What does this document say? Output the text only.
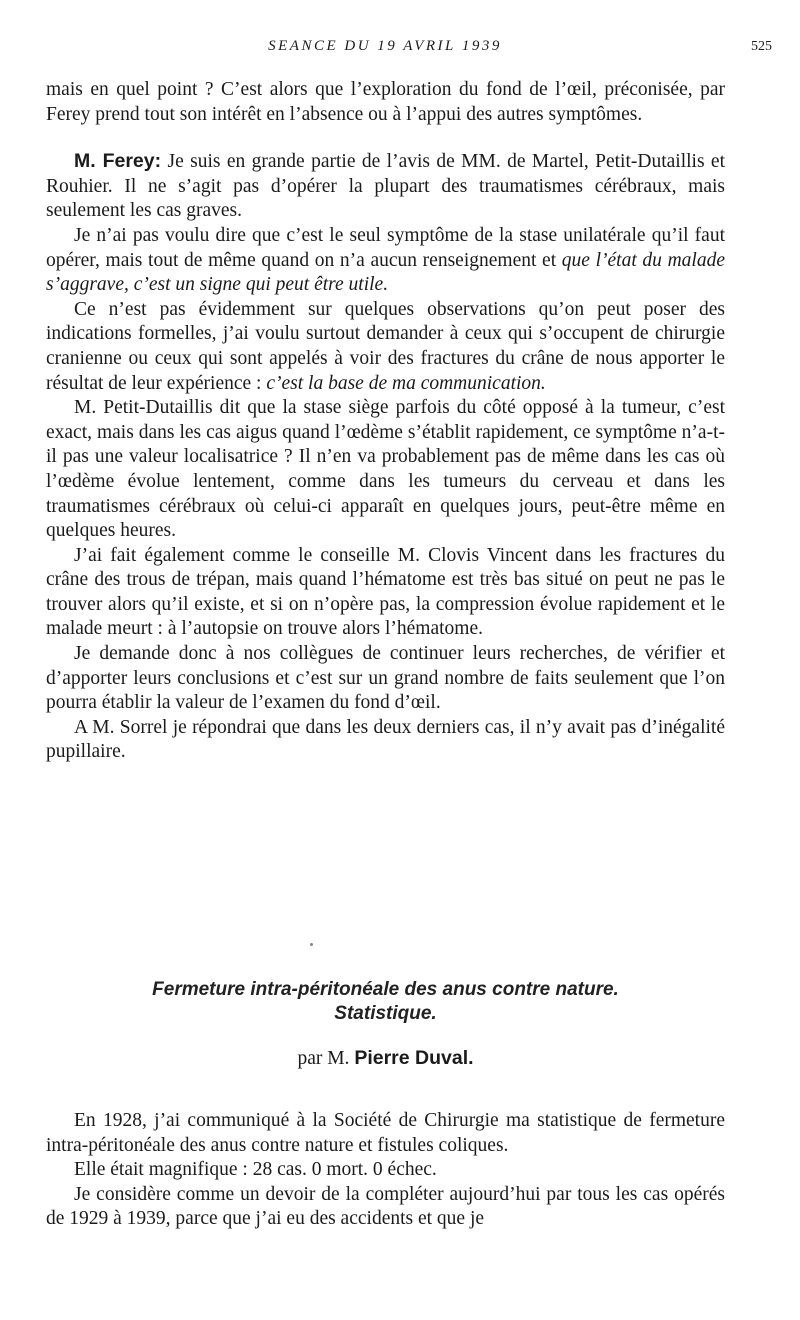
SEANCE DU 19 AVRIL 1939	525

mais en quel point ? C’est alors que l’exploration du fond de l’œil, préconisée, par Ferey prend tout son intérêt en l’absence ou à l’appui des autres symptômes.

M. Ferey: Je suis en grande partie de l’avis de MM. de Martel, Petit-Dutaillis et Rouhier. Il ne s’agit pas d’opérer la plupart des traumatismes cérébraux, mais seulement les cas graves.

Je n’ai pas voulu dire que c’est le seul symptôme de la stase unilatérale qu’il faut opérer, mais tout de même quand on n’a aucun renseignement et que l’état du malade s’aggrave, c’est un signe qui peut être utile.

Ce n’est pas évidemment sur quelques observations qu’on peut poser des indications formelles, j’ai voulu surtout demander à ceux qui s’occupent de chirurgie cranienne ou ceux qui sont appelés à voir des fractures du crâne de nous apporter le résultat de leur expérience : c’est la base de ma communication.

M. Petit-Dutaillis dit que la stase siège parfois du côté opposé à la tumeur, c’est exact, mais dans les cas aigus quand l’œdème s’établit rapidement, ce symptôme n’a-t-il pas une valeur localisatrice ? Il n’en va probablement pas de même dans les cas où l’œdème évolue lentement, comme dans les tumeurs du cerveau et dans les traumatismes cérébraux où celui-ci apparaît en quelques jours, peut-être même en quelques heures.

J’ai fait également comme le conseille M. Clovis Vincent dans les fractures du crâne des trous de trépan, mais quand l’hématome est très bas situé on peut ne pas le trouver alors qu’il existe, et si on n’opère pas, la compression évolue rapidement et le malade meurt : à l’autopsie on trouve alors l’hématome.

Je demande donc à nos collègues de continuer leurs recherches, de vérifier et d’apporter leurs conclusions et c’est sur un grand nombre de faits seulement que l’on pourra établir la valeur de l’examen du fond d’œil.

A M. Sorrel je répondrai que dans les deux derniers cas, il n’y avait pas d’inégalité pupillaire.

Fermeture intra-péritonéale des anus contre nature.
Statistique.
par M. Pierre Duval.

En 1928, j’ai communiqué à la Société de Chirurgie ma statistique de fermeture intra-péritonéale des anus contre nature et fistules coliques.

Elle était magnifique : 28 cas. 0 mort. 0 échec.

Je considère comme un devoir de la compléter aujourd’hui par tous les cas opérés de 1929 à 1939, parce que j’ai eu des accidents et que je
